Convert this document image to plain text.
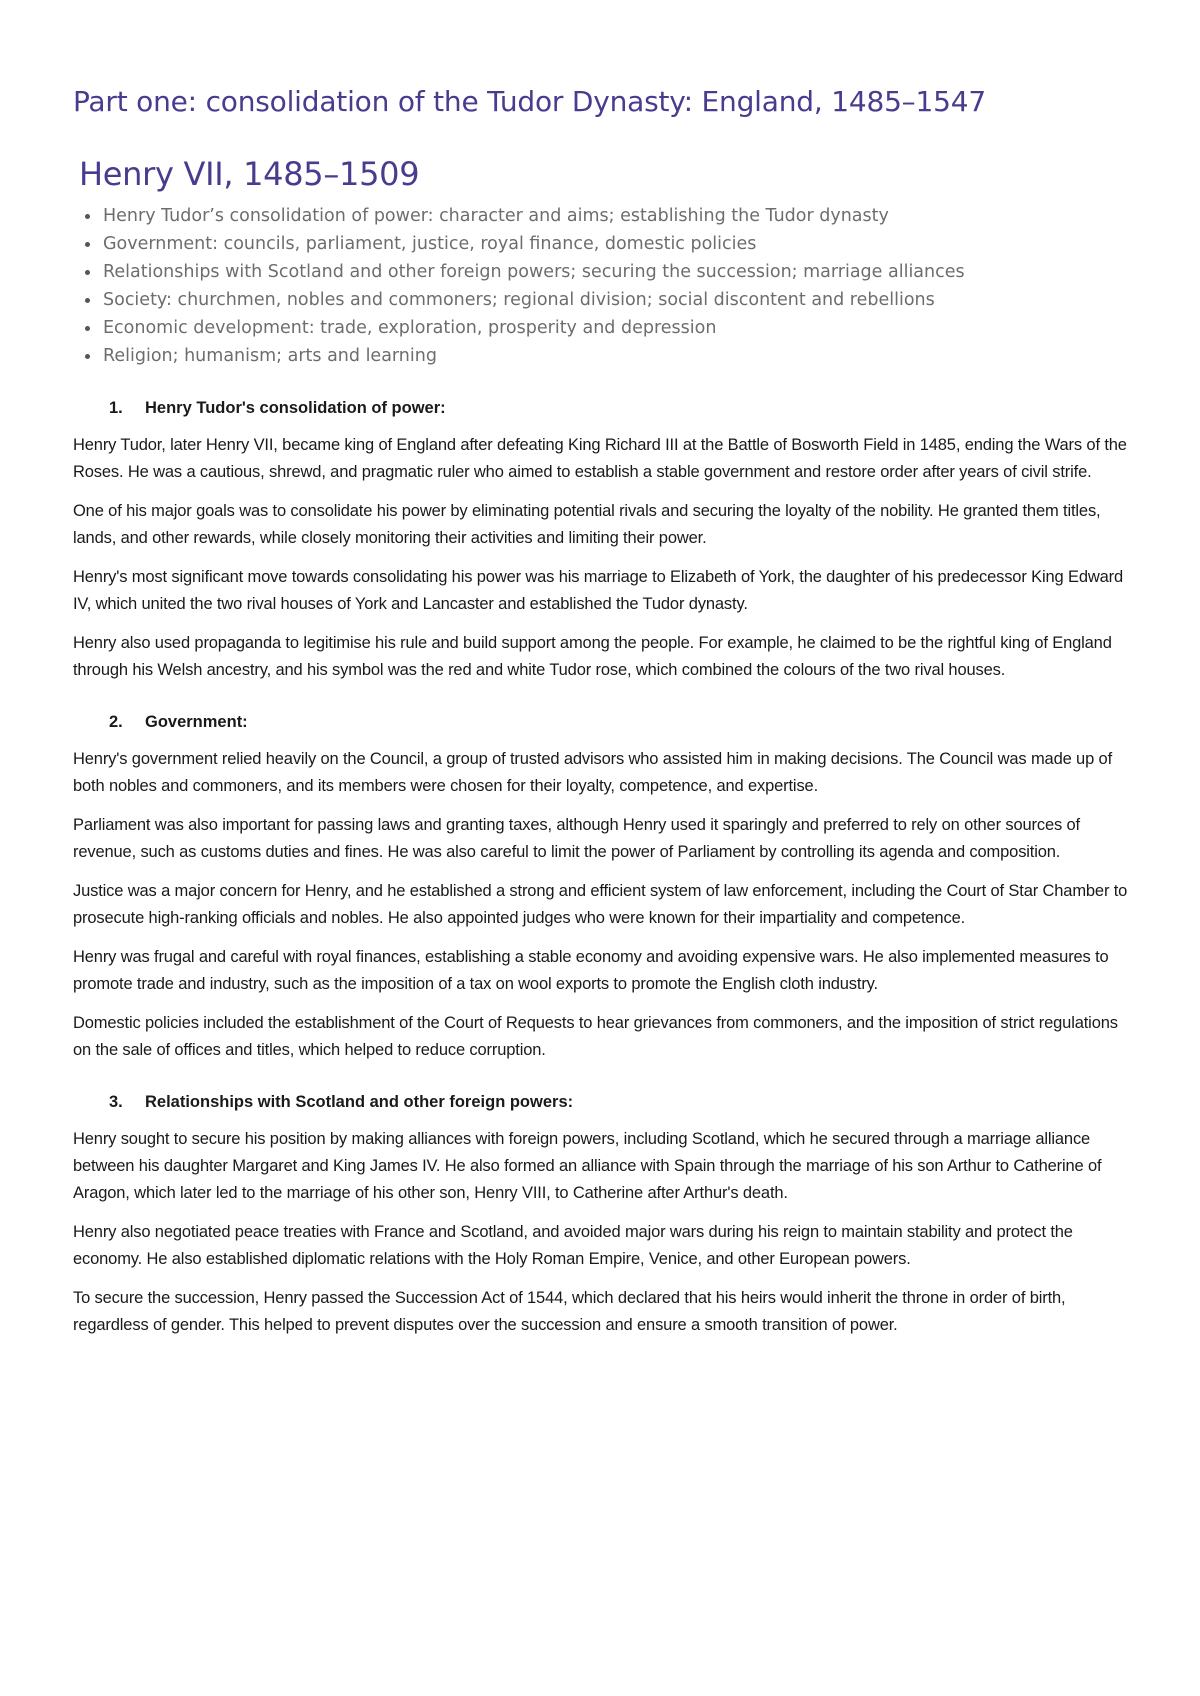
Part one: consolidation of the Tudor Dynasty: England, 1485–1547
Henry VII, 1485–1509
Henry Tudor’s consolidation of power: character and aims; establishing the Tudor dynasty
Government: councils, parliament, justice, royal finance, domestic policies
Relationships with Scotland and other foreign powers; securing the succession; marriage alliances
Society: churchmen, nobles and commoners; regional division; social discontent and rebellions
Economic development: trade, exploration, prosperity and depression
Religion; humanism; arts and learning
1. Henry Tudor's consolidation of power:

Henry Tudor, later Henry VII, became king of England after defeating King Richard III at the Battle of Bosworth Field in 1485, ending the Wars of the Roses. He was a cautious, shrewd, and pragmatic ruler who aimed to establish a stable government and restore order after years of civil strife.

One of his major goals was to consolidate his power by eliminating potential rivals and securing the loyalty of the nobility. He granted them titles, lands, and other rewards, while closely monitoring their activities and limiting their power.

Henry's most significant move towards consolidating his power was his marriage to Elizabeth of York, the daughter of his predecessor King Edward IV, which united the two rival houses of York and Lancaster and established the Tudor dynasty.

Henry also used propaganda to legitimise his rule and build support among the people. For example, he claimed to be the rightful king of England through his Welsh ancestry, and his symbol was the red and white Tudor rose, which combined the colours of the two rival houses.

2. Government:

Henry's government relied heavily on the Council, a group of trusted advisors who assisted him in making decisions. The Council was made up of both nobles and commoners, and its members were chosen for their loyalty, competence, and expertise.

Parliament was also important for passing laws and granting taxes, although Henry used it sparingly and preferred to rely on other sources of revenue, such as customs duties and fines. He was also careful to limit the power of Parliament by controlling its agenda and composition.

Justice was a major concern for Henry, and he established a strong and efficient system of law enforcement, including the Court of Star Chamber to prosecute high-ranking officials and nobles. He also appointed judges who were known for their impartiality and competence.

Henry was frugal and careful with royal finances, establishing a stable economy and avoiding expensive wars. He also implemented measures to promote trade and industry, such as the imposition of a tax on wool exports to promote the English cloth industry.

Domestic policies included the establishment of the Court of Requests to hear grievances from commoners, and the imposition of strict regulations on the sale of offices and titles, which helped to reduce corruption.

3. Relationships with Scotland and other foreign powers:

Henry sought to secure his position by making alliances with foreign powers, including Scotland, which he secured through a marriage alliance between his daughter Margaret and King James IV. He also formed an alliance with Spain through the marriage of his son Arthur to Catherine of Aragon, which later led to the marriage of his other son, Henry VIII, to Catherine after Arthur's death.

Henry also negotiated peace treaties with France and Scotland, and avoided major wars during his reign to maintain stability and protect the economy. He also established diplomatic relations with the Holy Roman Empire, Venice, and other European powers.

To secure the succession, Henry passed the Succession Act of 1544, which declared that his heirs would inherit the throne in order of birth, regardless of gender. This helped to prevent disputes over the succession and ensure a smooth transition of power.
